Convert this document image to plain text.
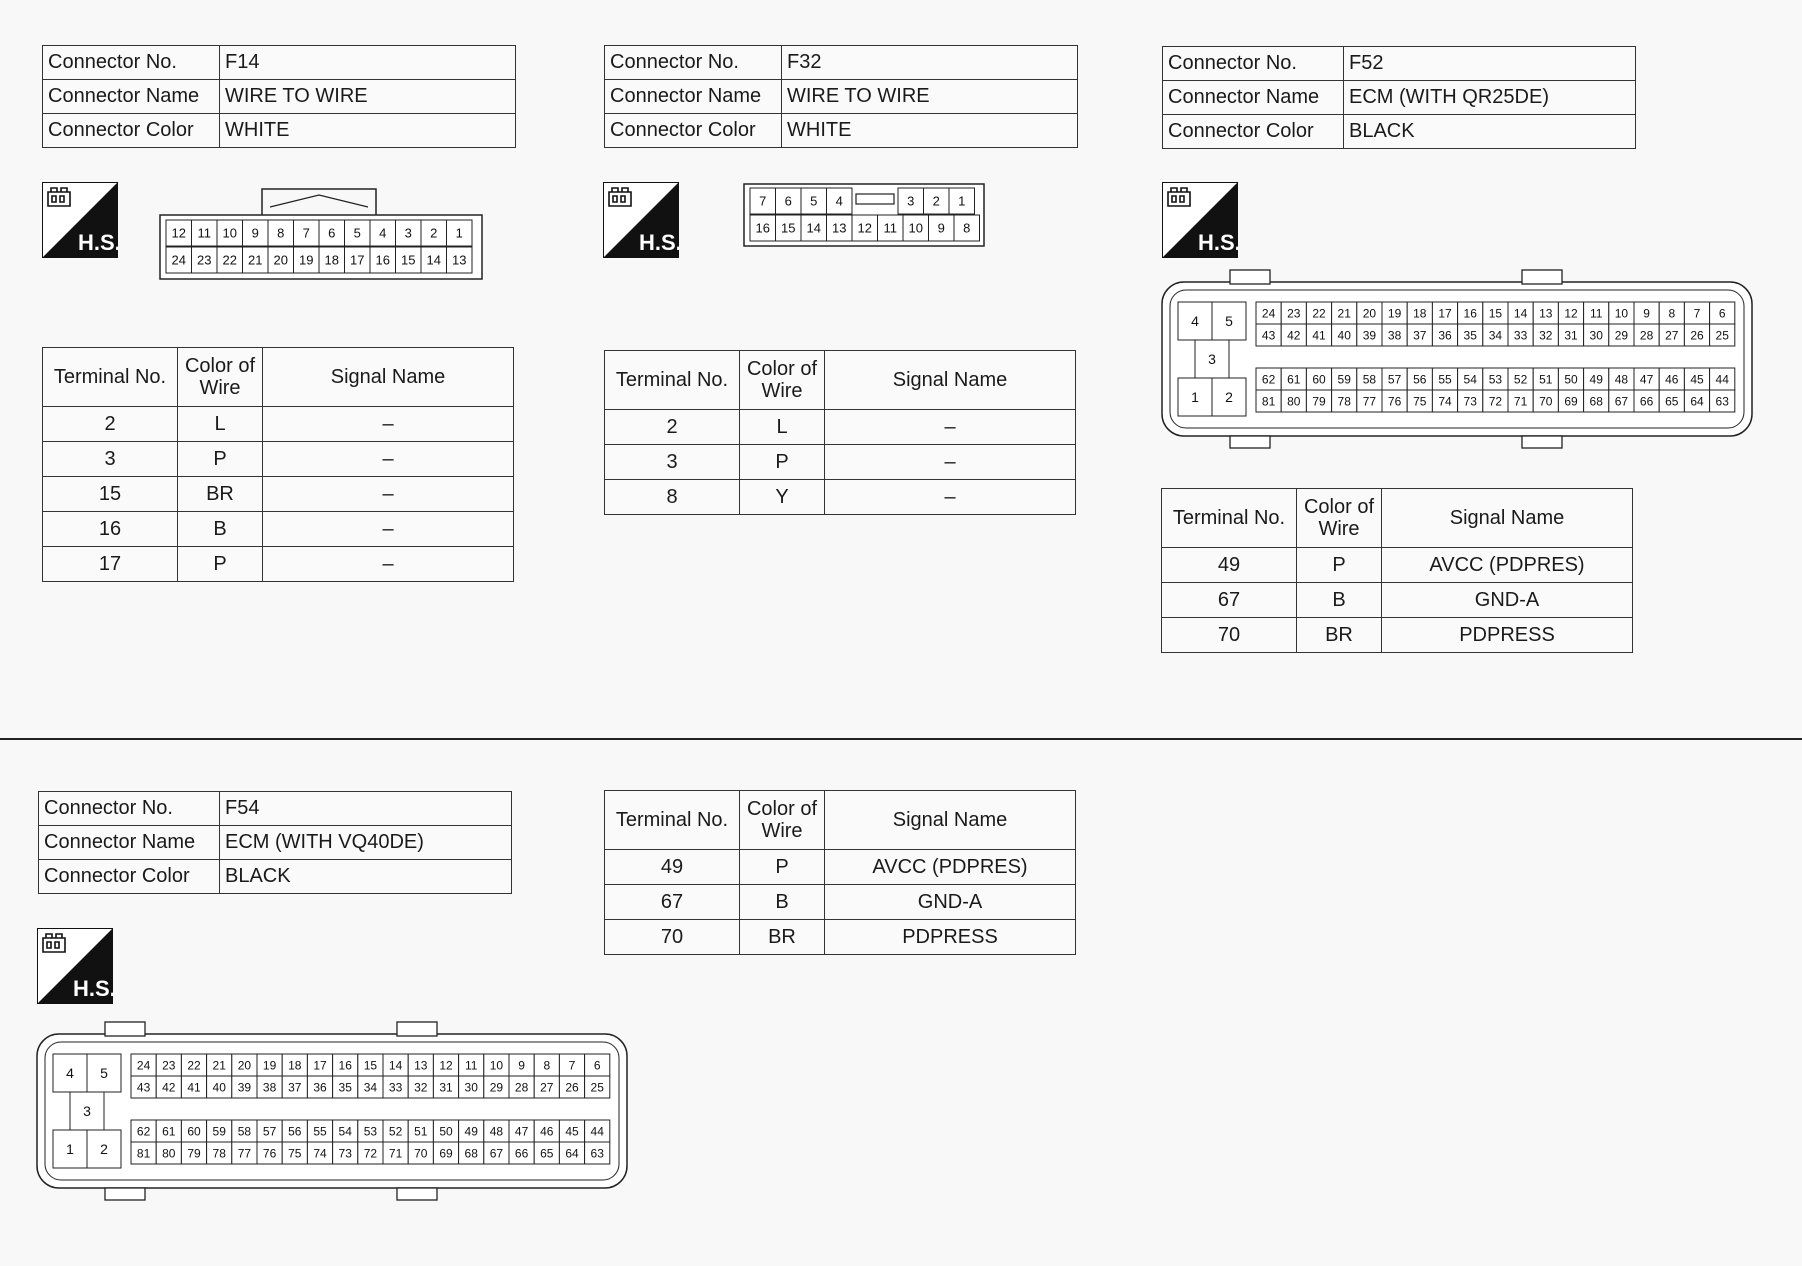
Connector No.	F14
Connector Name	WIRE TO WIRE
Connector Color	WHITE
H.S.	12 11 10 9 8 7 6 5 4 3 2 1
24 23 22 21 20 19 18 17 16 15 14 13
Terminal No.	Color of Wire	Signal Name
2	L	–
3	P	–
15	BR	–
16	B	–
17	P	–
Connector No.	F32
Connector Name	WIRE TO WIRE
Connector Color	WHITE
H.S.
7 6 5 4	3 2 1
16 15 14 13 12 11 10 9 8
Terminal No.	Color of Wire	Signal Name
2	L	–
3	P	–
8	Y	–
Connector No.	F52
Connector Name	ECM (WITH QR25DE)
Connector Color	BLACK
H.S.
4 5
3
1 2
24 23 22 21 20 19 18 17 16 15 14 13 12 11 10 9 8 7 6
43 42 41 40 39 38 37 36 35 34 33 32 31 30 29 28 27 26 25
62 61 60 59 58 57 56 55 54 53 52 51 50 49 48 47 46 45 44
81 80 79 78 77 76 75 74 73 72 71 70 69 68 67 66 65 64 63
Terminal No.	Color of Wire	Signal Name
49	P	AVCC (PDPRES)
67	B	GND-A
70	BR	PDPRESS
Connector No.	F54
Connector Name	ECM (WITH VQ40DE)
Connector Color	BLACK
H.S.
4 5
3
1 2
24 23 22 21 20 19 18 17 16 15 14 13 12 11 10 9 8 7 6
43 42 41 40 39 38 37 36 35 34 33 32 31 30 29 28 27 26 25
62 61 60 59 58 57 56 55 54 53 52 51 50 49 48 47 46 45 44
81 80 79 78 77 76 75 74 73 72 71 70 69 68 67 66 65 64 63
Terminal No.	Color of Wire	Signal Name
49	P	AVCC (PDPRES)
67	B	GND-A
70	BR	PDPRESS
